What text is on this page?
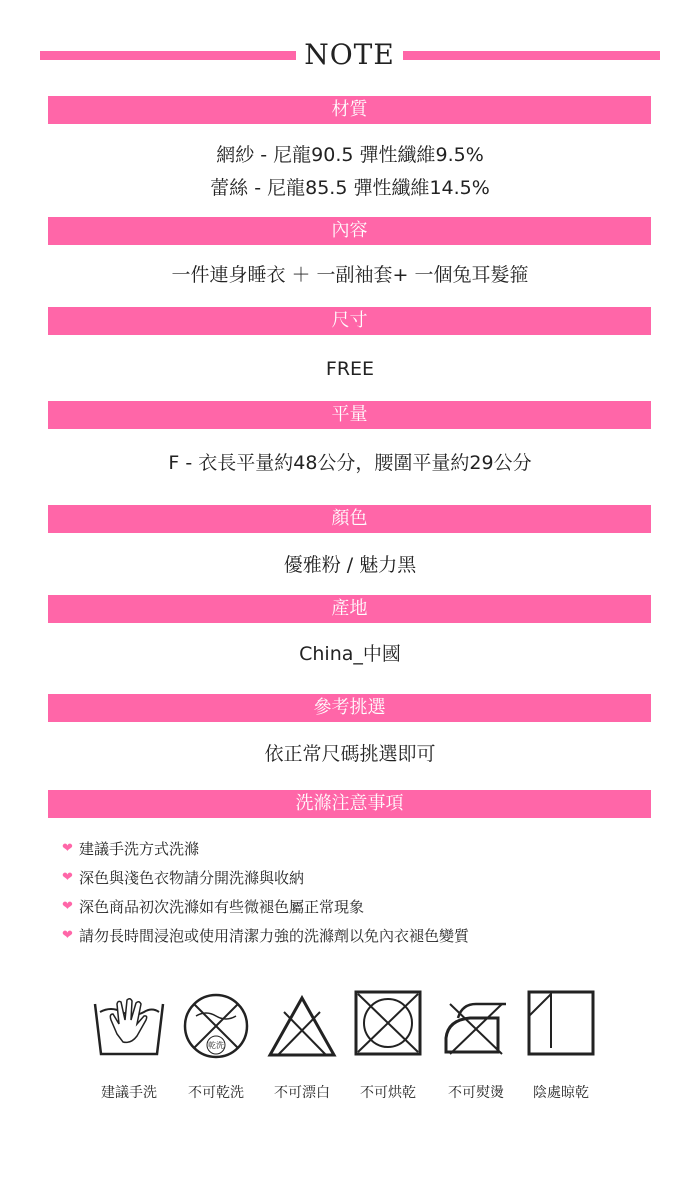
NOTE
材質
網紗 - 尼龍90.5 彈性纖維9.5%
蕾絲 - 尼龍85.5 彈性纖維14.5%
內容
一件連身睡衣 ＋ 一副袖套+ 一個兔耳髮箍
尺寸
FREE
平量
F - 衣長平量約48公分，腰圍平量約29公分
顏色
優雅粉 / 魅力黑
產地
China_中國
參考挑選
依正常尺碼挑選即可
洗滌注意事項
❤ 建議手洗方式洗滌
❤ 深色與淺色衣物請分開洗滌與收納
❤ 深色商品初次洗滌如有些微褪色屬正常現象
❤ 請勿長時間浸泡或使用清潔力強的洗滌劑以免內衣褪色變質
建議手洗
乾洗
不可乾洗	不可漂白	不可烘乾	不可熨燙	陰處晾乾
